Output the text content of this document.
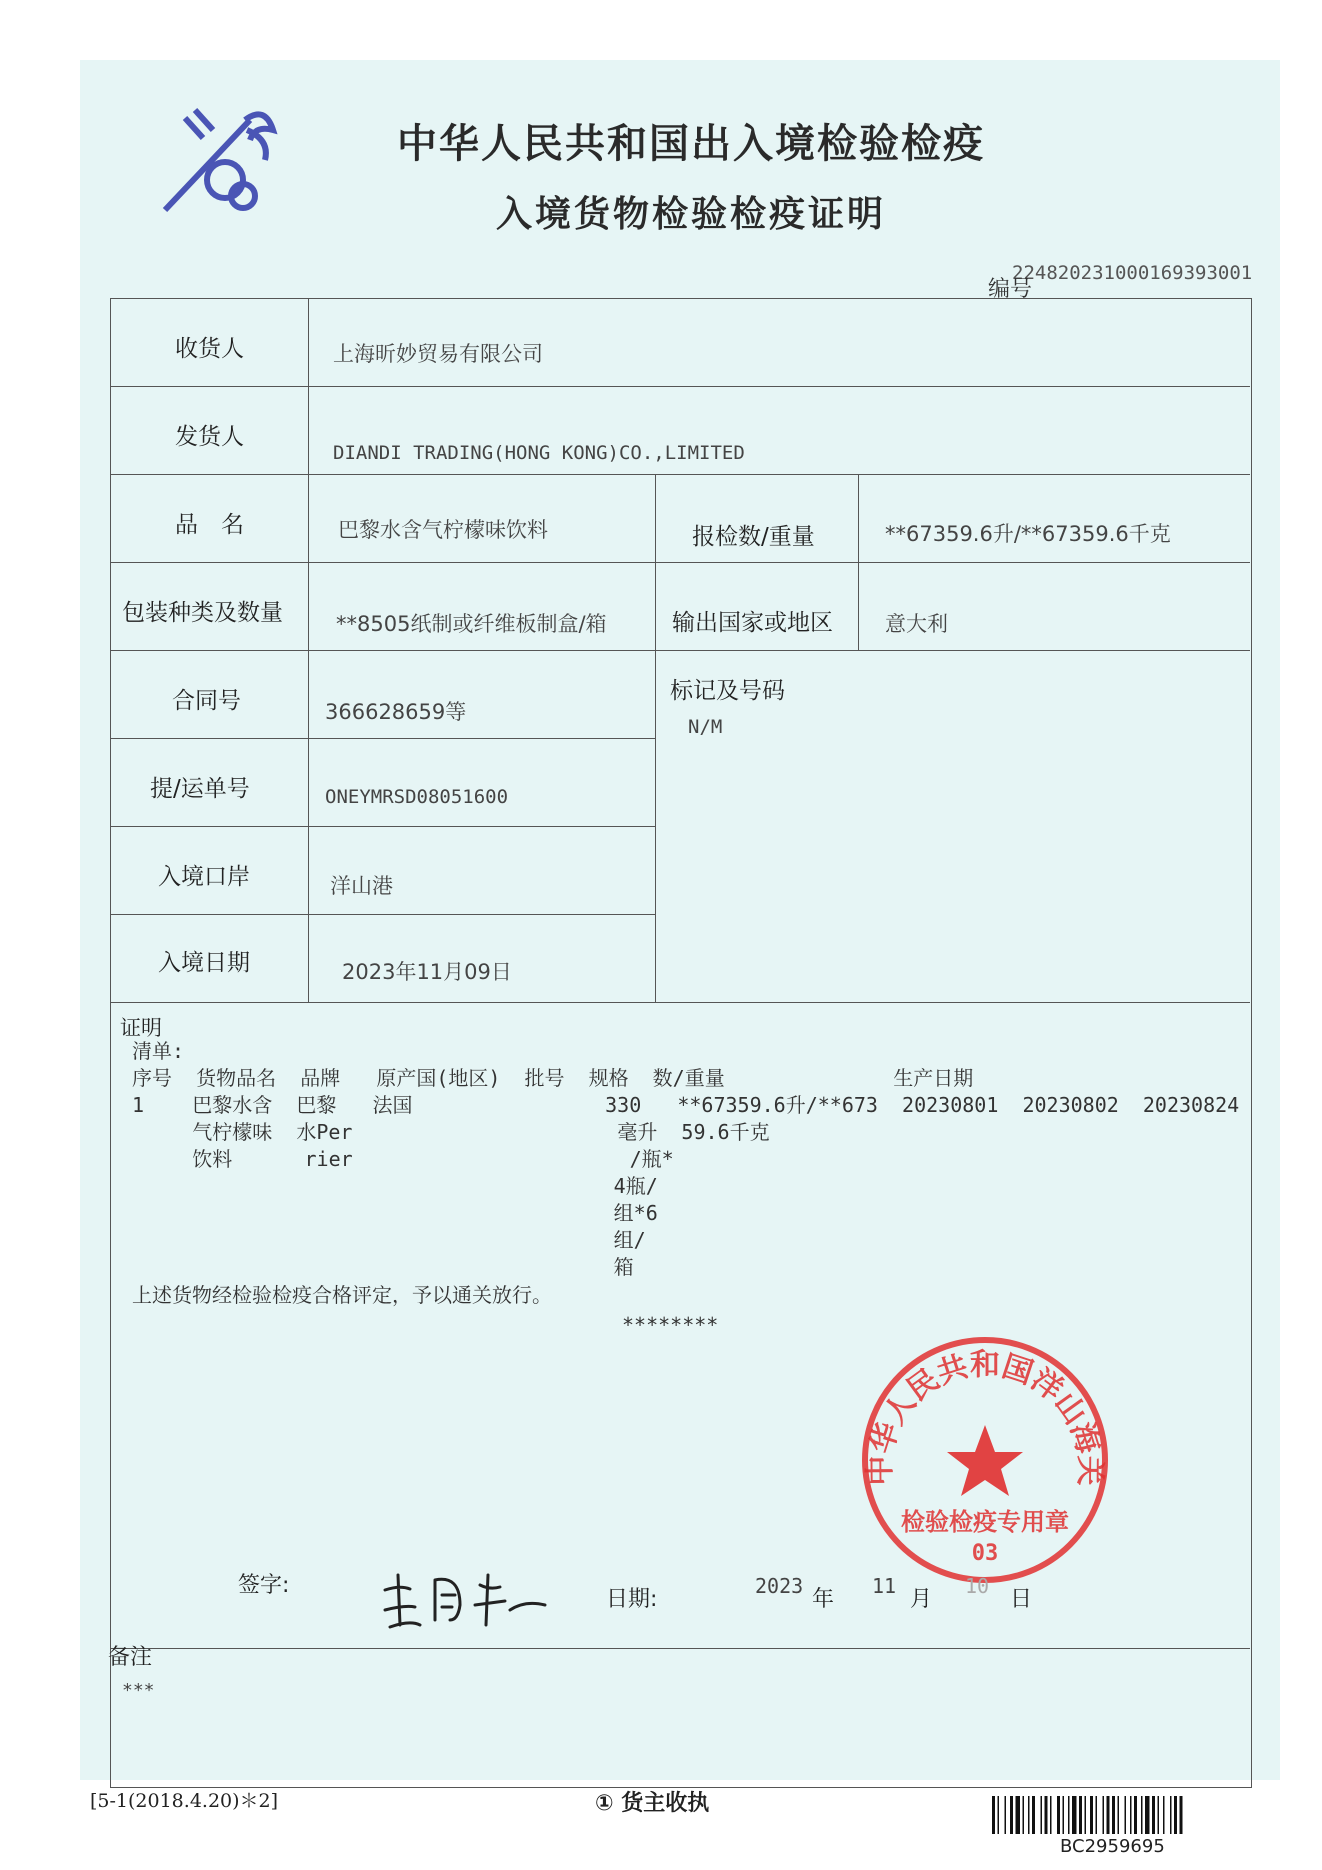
中华人民共和国出入境检验检疫
入境货物检验检疫证明
224820231000169393001
编号
收货人	上海昕妙贸易有限公司
发货人
DIANDI TRADING(HONG KONG)CO.,LIMITED
品　名	巴黎水含气柠檬味饮料	报检数/重量	**67359.6升/**67359.6千克
包装种类及数量	**8505纸制或纤维板制盒/箱	输出国家或地区 意大利
合同号	366628659等
标记及号码
N/M
提/运单号	ONEYMRSD08051600
入境口岸	洋山港
入境日期	2023年11月09日
证明
清单:
序号  货物品名  品牌   原产国(地区)  批号  规格  数/重量              生产日期
1    巴黎水含  巴黎   法国                330   **67359.6升/**673  20230801  20230802  20230824
气柠檬味  水Per                      毫升  59.6千克
饮料      rier                       /瓶*
4瓶/
组*6
组/
箱
上述货物经检验检疫合格评定，予以通关放行。
********
中华人民共和国洋山海关
检验检疫专用章
03
签字:
日期:
2023
年
11
月
10
日
备注
***
[5-1(2018.4.20)＊2]	① 货主收执
BC2959695
